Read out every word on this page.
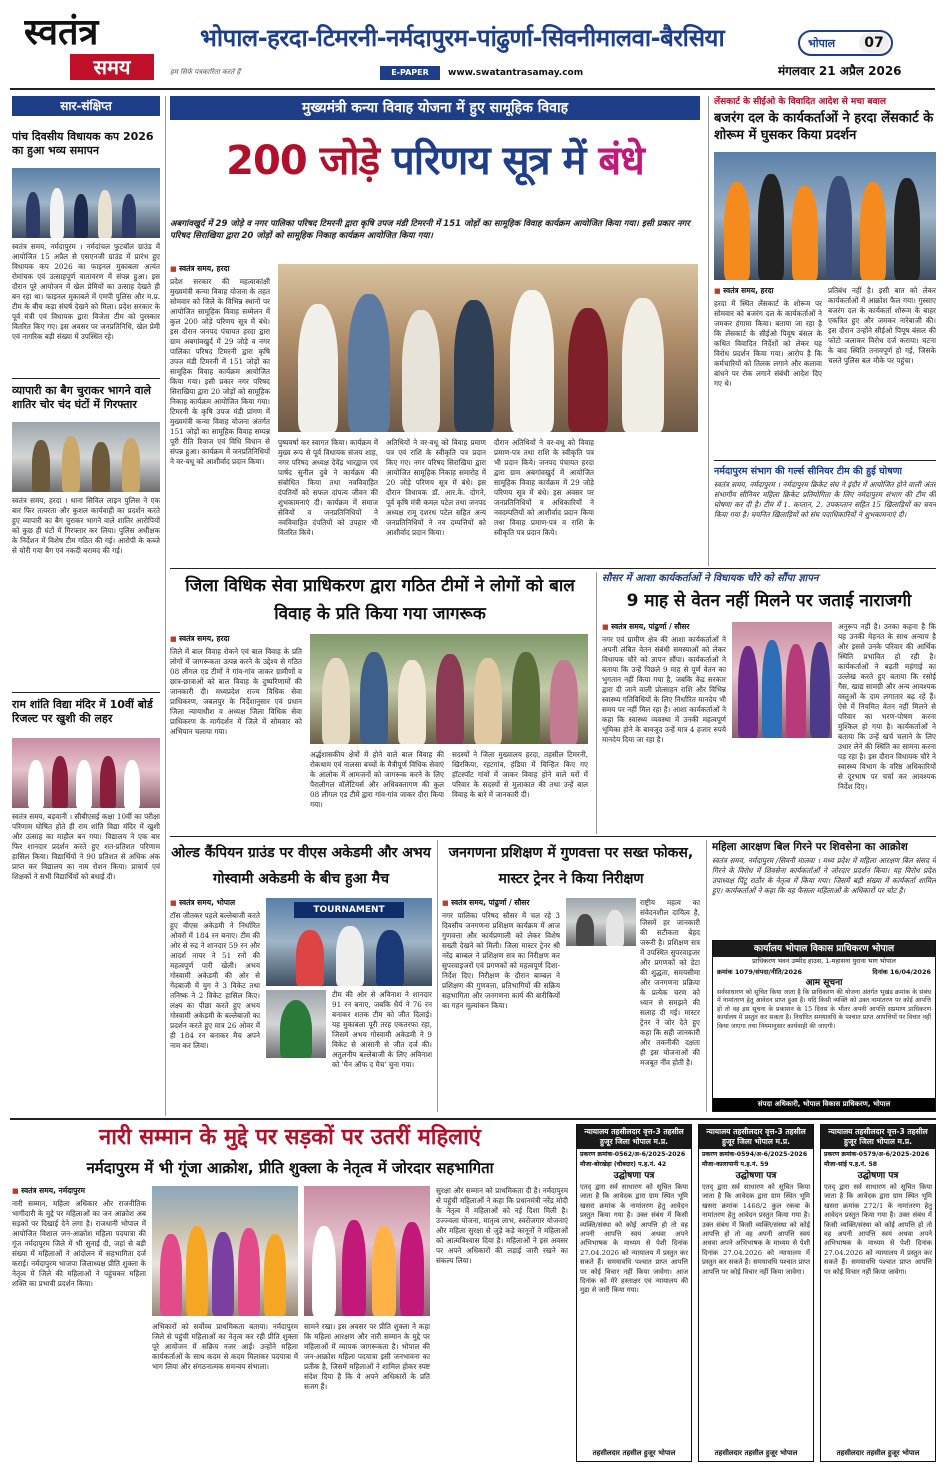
स्वतंत्र
समय	हम सिर्फ पत्रकारिता करते हैं
भोपाल-हरदा-टिमरनी-नर्मदापुरम-पांढुर्णा-सिवनीमालवा-बैरसिया
E-PAPER	www.swatantrasamay.com
भोपाल	07
मंगलवार 21 अप्रैल 2026
सार-संक्षिप्त
पांच दिवसीय विधायक कप 2026 का हुआ भव्य समापन
स्वतंत्र समय, नर्मदापुरम । नर्मदांचल फुटबॉल ग्राउंड में आयोजित 15 अप्रैल से एसएनजी ग्राउंड में प्रारंभ हुए विधायक कप 2026 का फाइनल मुकाबला अत्यंत रोमांचक एवं उत्साहपूर्ण वातावरण में संपन्न हुआ। इस दौरान पूरे आयोजन में खेल प्रेमियों का उत्साह देखते ही बन रहा था। फाइनल मुकाबले में एमपी पुलिस और म.प्र. टीम के बीच कड़ा संघर्ष देखने को मिला। प्रदेश सरकार के पूर्व मंत्री एवं विधायक द्वारा विजेता टीम को पुरस्कार वितरित किए गए। इस अवसर पर जनप्रतिनिधि, खेल प्रेमी एवं नागरिक बड़ी संख्या में उपस्थित रहे।
व्यापारी का बैग चुराकर भागने वाले शातिर चोर चंद घंटों में गिरफ्तार
स्वतंत्र समय, हरदा । थाना सिविल लाइन पुलिस ने एक बार फिर तत्परता और कुशल कार्यवाही का प्रदर्शन करते हुए व्यापारी का बैग चुराकर भागने वाले शातिर आरोपियों को कुछ ही घंटों में गिरफ्तार कर लिया। पुलिस अधीक्षक के निर्देशन में विशेष टीम गठित की गई। आरोपी के कब्जे से चोरी गया बैग एवं नकदी बरामद की गई।
राम शांति विद्या मंदिर में 10वीं बोर्ड रिजल्ट पर खुशी की लहर
स्वतंत्र समय, बड़वानी । सीबीएसई कक्षा 10वीं का परीक्षा परिणाम घोषित होते ही राम शांति विद्या मंदिर में खुशी और उत्साह का माहौल बन गया। विद्यालय ने एक बार फिर शानदार प्रदर्शन करते हुए शत-प्रतिशत परिणाम हासिल किया। विद्यार्थियों ने 90 प्रतिशत से अधिक अंक प्राप्त कर विद्यालय का नाम रोशन किया। प्राचार्य एवं शिक्षकों ने सभी विद्यार्थियों को बधाई दी।
मुख्यमंत्री कन्या विवाह योजना में हुए सामूहिक विवाह
200 जोड़े परिणय सूत्र में बंधे
अबगांवखुर्द में 29 जोड़े व नगर पालिका परिषद टिमरनी द्वारा कृषि उपज मंडी टिमरनी में 151 जोड़ों का सामूहिक विवाह कार्यक्रम आयोजित किया गया। इसी प्रकार नगर परिषद सिराखिया द्वारा 20 जोड़ों को सामूहिक निकाह कार्यक्रम आयोजित किया गया।
■ स्वतंत्र समय, हरदा
प्रदेश सरकार की महत्वाकांक्षी मुख्यमंत्री कन्या विवाह योजना के तहत सोमवार को जिले के विभिन्न स्थानों पर आयोजित सामूहिक विवाह सम्मेलन में कुल 200 जोड़े परिणय सूत्र में बंधे। इस दौरान जनपद पंचायत हरदा द्वारा ग्राम अबगांवखुर्द में 29 जोड़े व नगर पालिका परिषद टिमरनी द्वारा कृषि उपज मंडी टिमरनी में 151 जोड़ों का सामूहिक विवाह कार्यक्रम आयोजित किया गया। इसी प्रकार नगर परिषद सिराखिया द्वारा 20 जोड़ों को सामूहिक निकाह कार्यक्रम आयोजित किया गया। टिमरनी के कृषि उपज मंडी प्रांगण में मुख्यमंत्री कन्या विवाह योजना अंतर्गत 151 जोड़ों का सामूहिक विवाह सम्पन्न पूरी रीति रिवाज एवं विधि विधान से संपन्न हुआ। कार्यक्रम में जनप्रतिनिधियों ने वर-वधू को आशीर्वाद प्रदान किया।
पुष्पवर्षा कर स्वागत किया। कार्यक्रम में मुख्य रूप से पूर्व विधायक संजय शाह, नगर परिषद अध्यक्ष देवेंद्र भारद्वाज एवं पार्षद सुनील दुबे ने कार्यक्रम की संबोधित किया तथा नवविवाहित दंपतियों को सफल दांपत्य जीवन की शुभकामनाएं दी। कार्यक्रम में समाज सेवियों व जनप्रतिनिधियों ने नवविवाहित दंपतियों को उपहार भी वितरित किये।
अतिथियों ने वर-वधू को विवाह प्रमाण पत्र एवं राशि के स्वीकृति पत्र प्रदान किए गए। नगर परिषद सिराखिया द्वारा आयोजित सामूहिक निकाह समारोह में 20 जोड़े परिणय सूत्र में बंधे। इस दौरान विधायक डॉ. आर.के. दोगने, पूर्व कृषि मंत्री कमल पटेल तथा जनपद अध्यक्ष रामू दशरथ पटेल सहित अन्य जनप्रतिनिधियों ने नव दम्पत्तियों को आशीर्वाद प्रदान किया।
दौरान अतिथियों ने वर-वधू को विवाह प्रमाण-पत्र तथा राशि के स्वीकृति पत्र भी प्रदान किये। जनपद पंचायत हरदा द्वारा ग्राम अबगांवखुर्द में आयोजित सामूहिक विवाह कार्यक्रम में 29 जोड़े परिणय सूत्र में बंधे। इस अवसर पर जनप्रतिनिधियों व अधिकारियों ने नवदम्पतियों को आशीर्वाद प्रदान किया तथा विवाह प्रमाण-पत्र व राशि के स्वीकृति पत्र प्रदान किये।
लेंसकार्ट के सीईओ के विवादित आदेश से मचा बवाल
बजरंग दल के कार्यकर्ताओं ने हरदा लेंसकार्ट के शोरूम में घुसकर किया प्रदर्शन
■ स्वतंत्र समय, हरदा
हरदा में स्थित लेंसकार्ट के शोरूम पर सोमवार को बजरंग दल के कार्यकर्ताओं ने जमकर हंगामा किया। बताया जा रहा है कि लेंसकार्ट के सीईओ पियूष बंसल के कथित विवादित निर्देशों को लेकर यह विरोध प्रदर्शन किया गया। आरोप है कि कर्मचारियों को तिलक लगाने और कलावा बांधने पर रोक लगाने संबंधी आदेश दिए गए थे।
प्रतिबंध नहीं है। इसी बात को लेकर कार्यकर्ताओं में आक्रोश फैल गया। गुस्साए बजरंग दल के कार्यकर्ता शोरूम के बाहर एकत्रित हुए और जमकर नारेबाजी की। इस दौरान उन्होंने सीईओ पियूष बंसल की फोटो जलाकर विरोध दर्ज कराया। घटना के बाद स्थिति तनावपूर्ण हो गई, जिसके चलते पुलिस बल मौके पर पहुंचा।
नर्मदापुरम संभाग की गर्ल्स सीनियर टीम की हुई घोषणा
स्वतंत्र समय, नर्मदापुरम । नर्मदापुरम क्रिकेट संघ ने इंदौर में आयोजित होने वाली अंतर संभागीय सीनियर महिला क्रिकेट प्रतियोगिता के लिए नर्मदापुरम संभाग की टीम की घोषणा कर दी है। टीम में 1. कप्तान, 2. उपकप्तान सहित 15 खिलाड़ियों का चयन किया गया है। चयनित खिलाड़ियों को संघ पदाधिकारियों ने शुभकामनाएं दी।
जिला विधिक सेवा प्राधिकरण द्वारा गठित टीमों ने लोगों को बाल विवाह के प्रति किया गया जागरूक
■ स्वतंत्र समय, हरदा
जिले में बाल विवाह रोकने एवं बाल विवाह के प्रति लोगों में जागरूकता उत्पन्न करने के उद्देश्य से गठित 08 लीगल एड टीमों ने गांव-गांव जाकर ग्रामीणों व छात्र-छात्राओं को बाल विवाह के दुष्परिणामों की जानकारी दी। मध्यप्रदेश राज्य विधिक सेवा प्राधिकरण, जबलपुर के निर्देशानुसार एवं प्रधान जिला न्यायाधीश व अध्यक्ष जिला विधिक सेवा प्राधिकरण के मार्गदर्शन में जिले में सोमवार को अभियान चलाया गया।
अर्द्धशासकीय क्षेत्रों में होने वाले बाल विवाह की रोकथाम एवं नालसा बच्चों के मैत्रीपूर्ण विधिक सेवाएं के आलोक में आमजनों को जागरूक करने के लिए पैरालीगल वॉलेंटियर्स और अधिवक्तागण की कुल 08 लीगल एड टीमें द्वारा गांव-गांव जाकर दौरा किया गया।
सदस्यों ने जिला मुख्यालय हरदा, तहसील टिमरनी, खिरकिया, रहटगांव, हंडिया में चिन्हित किए गए हॉटस्पॉट गांवों में जाकर विवाह होने वाले घरों में परिवार के सदस्यों से मुलाकात की तथा उन्हें बाल विवाह के बारे में जानकारी दी।
सौसर में आशा कार्यकर्ताओं ने विधायक चौरे को सौंपा ज्ञापन
9 माह से वेतन नहीं मिलने पर जताई नाराजगी
■ स्वतंत्र समय, पांढुर्णा / सौसर
नगर एवं ग्रामीण क्षेत्र की आशा कार्यकर्ताओं ने अपनी लंबित वेतन संबंधी समस्याओं को लेकर विधायक चौरे को ज्ञापन सौंपा। कार्यकर्ताओं ने बताया कि उन्हें पिछले 9 माह से पूर्ण वेतन का भुगतान नहीं किया गया है, जबकि केंद्र सरकार द्वारा दी जाने वाली प्रोत्साहन राशि और विभिन्न स्वास्थ्य गतिविधियों के लिए निर्धारित मानदेय भी समय पर नहीं मिल रहा है। आशा कार्यकर्ताओं ने कहा कि स्वास्थ्य व्यवस्था में उनकी महत्वपूर्ण भूमिका होने के बावजूद उन्हें मात्र 4 हजार रुपये मानदेय दिया जा रहा है।
अनुरूप नहीं है। उनका कहना है कि यह उनकी मेहनत के साथ अन्याय है और इससे उनके परिवार की आर्थिक स्थिति प्रभावित हो रही है। कार्यकर्ताओं ने बढ़ती महंगाई का उल्लेख करते हुए बताया कि रसोई गैस, खाद्य सामग्री और अन्य आवश्यक वस्तुओं के दाम लगातार बढ़ रहे हैं। ऐसे में नियमित वेतन नहीं मिलने से परिवार का भरण-पोषण करना मुश्किल हो गया है। कार्यकर्ताओं ने बताया कि उन्हें खर्च चलाने के लिए उधार लेने की स्थिति का सामना करना पड़ रहा है। इस दौरान विधायक चौरे ने स्वास्थ्य विभाग के वरिष्ठ अधिकारियों से दूरभाष पर चर्चा कर आवश्यक निर्देश दिए।
ओल्ड कैंपियन ग्राउंड पर वीएस अकेडमी और अभय गोस्वामी अकेडमी के बीच हुआ मैच
■ स्वतंत्र समय, भोपाल
टॉस जीतकर पहले बल्लेबाजी करते हुए वीएस अकेडमी ने निर्धारित ओवरों में 184 रन बनाए। टीम की ओर से रुद्र ने शानदार 59 रन और आदर्श नायर ने 51 रनों की महत्वपूर्ण पारी खेली। अभय गोस्वामी अकेडमी की ओर से गेंदबाजी में युग ने 3 विकेट तथा तनिष्क ने 2 विकेट हासिल किए। लक्ष्य का पीछा करते हुए अभय गोस्वामी अकेडमी के बल्लेबाजों का प्रदर्शन करते हुए मात्र 26 ओवर में ही 184 रन बनाकर मैच अपने नाम कर लिया।
TOURNAMENT
टीम की ओर से अविनाश ने शानदार 91 रन बनाए, जबकि धैर्य ने 76 रन बनाकर शतक टीम को जीत दिलाई। यह मुकाबला पूरी तरह एकतरफा रहा, जिसमें अभय गोस्वामी अकेडमी ने 9 विकेट से आसानी से जीत दर्ज की। अतुलनीय बल्लेबाजी के लिए अविनाश को 'मैन ऑफ द मैच' चुना गया।
जनगणना प्रशिक्षण में गुणवत्ता पर सख्त फोकस, मास्टर ट्रेनर ने किया निरीक्षण
■ स्वतंत्र समय, पांढुर्णा / सौसर
नगर पालिका परिषद सौसर में चल रहे 3 दिवसीय जनगणना प्रशिक्षण कार्यक्रम में आज गुणवत्ता और कार्यप्रणाली को लेकर विशेष सख्ती देखने को मिली। जिला मास्टर ट्रेनर श्री नरेंद्र बाम्बल ने प्रशिक्षण सत्र का निरीक्षण कर सुपरवाइजरों एवं प्रगणकों को महत्वपूर्ण दिशा-निर्देश दिए। निरीक्षण के दौरान बाम्बल ने प्रशिक्षण की गुणवत्ता, प्रतिभागियों की सक्रिय सहभागिता और जनगणना कार्य की बारीकियों का गहन मूल्यांकन किया।
राष्ट्रीय महत्व का संवेदनशील दायित्व है, जिसमें हर जानकारी की सटीकता बेहद जरूरी है। प्रशिक्षण सत्र में उपस्थित सुपरवाइजर और प्रगणकों को डेटा की शुद्धता, समयसीमा और जनगणना प्रक्रिया के प्रत्येक चरण को ध्यान से समझने की सलाह दी गई। मास्टर ट्रेनर ने जोर देते हुए कहा कि सही जानकारी और तकनीकी दक्षता ही इस योजनाओं की मजबूत नींव होती है।
महिला आरक्षण बिल गिरने पर शिवसेना का आक्रोश
स्वतंत्र समय, नर्मदापुरम /सिवनी मालवा । मध्य प्रदेश में महिला आरक्षण बिल संसद में गिरने के विरोध में शिवसेना कार्यकर्ताओं ने जोरदार प्रदर्शन किया। यह विरोध प्रदेश उपाध्यक्ष पिंटू राठौर के नेतृत्व में किया गया। जिसमें बड़ी संख्या में कार्यकर्ता शामिल हुए। कार्यकर्ताओं ने कहा कि यह फैसला महिलाओं के अधिकारों पर चोट है।
कार्यालय भोपाल विकास प्राधिकरण भोपाल
प्राधिकरण भवन उम्मीद हाउस, 1-महासना पुराना भाग भोपाल
क्रमांक 1079/संपदा/नीति/2026	दिनांक 16/04/2026
आम सूचना
सर्वसाधारण को सूचित किया जाता है कि प्राधिकरण की योजना अंतर्गत भूखंड क्रमांक के संबंध में नामांतरण हेतु आवेदन प्राप्त हुआ है। यदि किसी व्यक्ति को उक्त नामांतरण पर कोई आपत्ति हो तो वह इस सूचना के प्रकाशन के 15 दिवस के भीतर अपनी आपत्ति सप्रमाण प्राधिकरण कार्यालय में प्रस्तुत कर सकता है। निर्धारित समयावधि के पश्चात प्राप्त आपत्तियों पर विचार नहीं किया जाएगा तथा नियमानुसार कार्यवाही की जाएगी।
संपदा अधिकारी, भोपाल विकास प्राधिकरण, भोपाल
नारी सम्मान के मुद्दे पर सड़कों पर उतरीं महिलाएं
नर्मदापुरम में भी गूंजा आक्रोश, प्रीति शुक्ला के नेतृत्व में जोरदार सहभागिता
■ स्वतंत्र समय, नर्मदापुरम
नारी सम्मान, महिला अधिकार और राजनीतिक भागीदारी के मुद्दे पर महिलाओं का जन आक्रोश अब सड़कों पर दिखाई देने लगा है। राजधानी भोपाल में आयोजित विशाल जन-आक्रोश महिला पदयात्रा की गूंज नर्मदापुरम जिले में भी सुनाई दी, जहां से बड़ी संख्या में महिलाओं ने आंदोलन में सहभागिता दर्ज कराई। नर्मदापुरम भाजपा जिलाध्यक्ष प्रीति शुक्ला के नेतृत्व में जिले की महिलाओं ने पहुंचकर महिला शक्ति का प्रभावी प्रदर्शन किया।
अभिकारों को सर्वोच्च प्राथमिकता बताया। नर्मदापुरम जिले से पहुंची महिलाओं का नेतृत्व कर रही प्रीति शुक्ला पूरे आयोजन में सक्रिय नजर आईं। उन्होंने महिला कार्यकर्ताओं के साथ कदम से कदम मिलाकर पदयात्रा में भाग लिया और संगठनात्मक समन्वय संभाला।
सामने रखा। इस अवसर पर प्रीति शुक्ला ने कहा कि महिला आरक्षण और नारी सम्मान के मुद्दे पर महिलाओं में व्यापक जागरूकता है। भोपाल की जन-आक्रोश महिला पदयात्रा इसी जनभावना का प्रतीक है, जिसमें महिलाओं ने शामिल होकर स्पष्ट संदेश दिया है कि वे अपने अधिकारों के प्रति सजग हैं।
सुरक्षा और सम्मान को प्राथमिकता दी है। नर्मदापुरम से पहुंची महिलाओं ने कहा कि प्रधानमंत्री नरेंद्र मोदी के नेतृत्व में महिलाओं को नई दिशा मिली है। उज्ज्वला योजना, मातृत्व लाभ, स्वरोजगार योजनाएं और महिला सुरक्षा से जुड़े कड़े कानूनों ने महिलाओं को आत्मविश्वास दिया है। महिलाओं ने इस अवसर पर अपने अधिकारों की लड़ाई जारी रखने का संकल्प लिया।
न्यायालय तहसीलदार वृत्त-3 तहसील हुजूर जिला भोपाल म.प्र.
प्रकरण क्रमांक-0562/अ-6/2025-2026
मौजा-बोरखेड़ा (चौबदार) प.ह.नं. 42
उद्घोषणा पत्र
एतद् द्वारा सर्व साधारण को सूचित किया जाता है कि आवेदक द्वारा ग्राम स्थित भूमि खसरा क्रमांक के नामांतरण हेतु आवेदन प्रस्तुत किया गया है। उक्त संबंध में किसी व्यक्ति/संस्था को कोई आपत्ति हो तो वह अपनी आपत्ति स्वयं अथवा अपने अभिभाषक के माध्यम से पेशी दिनांक 27.04.2026 को न्यायालय में प्रस्तुत कर सकते हैं। समयावधि पश्चात प्राप्त आपत्ति पर कोई विचार नहीं किया जावेगा। आज दिनांक को मेरे हस्ताक्षर एवं न्यायालय की मुद्रा से जारी किया गया।
तहसीलदार तहसील हुजूर भोपाल
न्यायालय तहसीलदार वृत्त-3 तहसील हुजूर जिला भोपाल म.प्र.
प्रकरण क्रमांक-0594/अ-6/2025-2026
मौजा-कालापानी प.ह.नं. 59
उद्घोषणा पत्र
एतद् द्वारा सर्व साधारण को सूचित किया जाता है कि आवेदक द्वारा ग्राम स्थित भूमि खसरा क्रमांक 1468/2 कुल रकबा के नामांतरण हेतु आवेदन प्रस्तुत किया गया है। उक्त संबंध में किसी व्यक्ति/संस्था को कोई आपत्ति हो तो वह अपनी आपत्ति स्वयं अथवा अपने अभिभाषक के माध्यम से पेशी दिनांक 27.04.2026 को न्यायालय में प्रस्तुत कर सकते हैं। समयावधि पश्चात प्राप्त आपत्ति पर कोई विचार नहीं किया जावेगा।
तहसीलदार तहसील हुजूर भोपाल
न्यायालय तहसीलदार वृत्त-3 तहसील हुजूर जिला भोपाल म.प्र.
प्रकरण क्रमांक-0579/अ-6/2025-2026
मौजा-सांई प.ह.नं. 58
उद्घोषणा पत्र
एतद् द्वारा सर्व साधारण को सूचित किया जाता है कि आवेदक द्वारा ग्राम स्थित भूमि खसरा क्रमांक 272/1 के नामांतरण हेतु आवेदन प्रस्तुत किया गया है। उक्त संबंध में किसी व्यक्ति/संस्था को कोई आपत्ति हो तो वह अपनी आपत्ति स्वयं अथवा अपने अभिभाषक के माध्यम से पेशी दिनांक 27.04.2026 को न्यायालय में प्रस्तुत कर सकते हैं। समयावधि पश्चात प्राप्त आपत्ति पर कोई विचार नहीं किया जावेगा।
तहसीलदार तहसील हुजूर भोपाल
